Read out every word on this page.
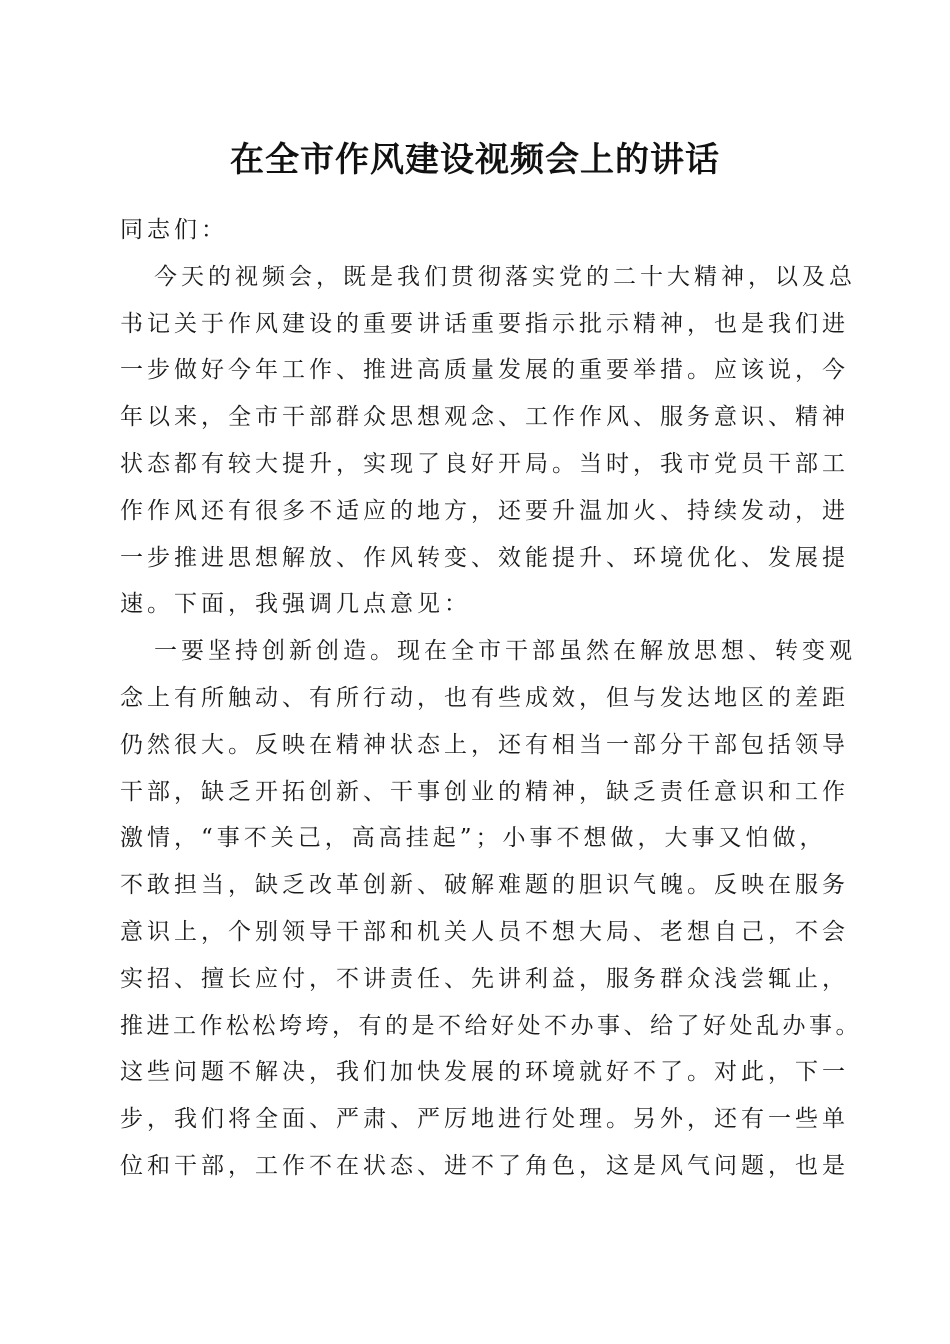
在全市作风建设视频会上的讲话
同志们：
今天的视频会，既是我们贯彻落实党的二十大精神，以及总
书记关于作风建设的重要讲话重要指示批示精神，也是我们进
一步做好今年工作、推进高质量发展的重要举措。应该说，今
年以来，全市干部群众思想观念、工作作风、服务意识、精神
状态都有较大提升，实现了良好开局。当时，我市党员干部工
作作风还有很多不适应的地方，还要升温加火、持续发动，进
一步推进思想解放、作风转变、效能提升、环境优化、发展提
速。下面，我强调几点意见：
一要坚持创新创造。现在全市干部虽然在解放思想、转变观
念上有所触动、有所行动，也有些成效，但与发达地区的差距
仍然很大。反映在精神状态上，还有相当一部分干部包括领导
干部，缺乏开拓创新、干事创业的精神，缺乏责任意识和工作
激情，“事不关己，高高挂起”；小事不想做，大事又怕做，
不敢担当，缺乏改革创新、破解难题的胆识气魄。反映在服务
意识上，个别领导干部和机关人员不想大局、老想自己，不会
实招、擅长应付，不讲责任、先讲利益，服务群众浅尝辄止，
推进工作松松垮垮，有的是不给好处不办事、给了好处乱办事。
这些问题不解决，我们加快发展的环境就好不了。对此，下一
步，我们将全面、严肃、严厉地进行处理。另外，还有一些单
位和干部，工作不在状态、进不了角色，这是风气问题，也是
